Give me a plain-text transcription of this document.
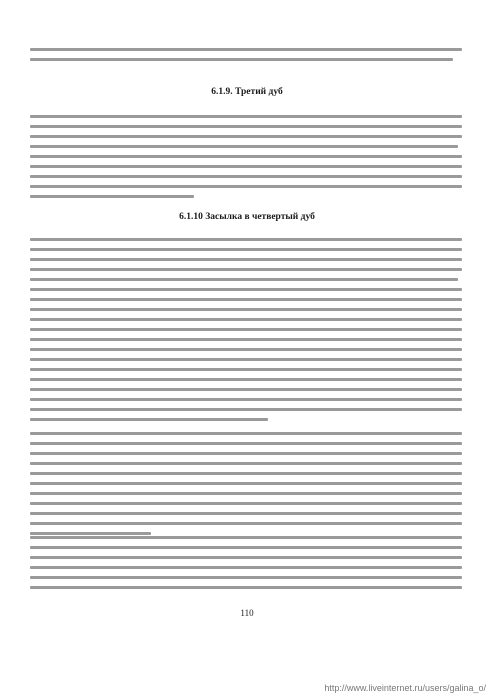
6.1.9. Третий дуб
6.1.10 Засылка в четвертый дуб
110
http://www.liveinternet.ru/users/galina_o/
